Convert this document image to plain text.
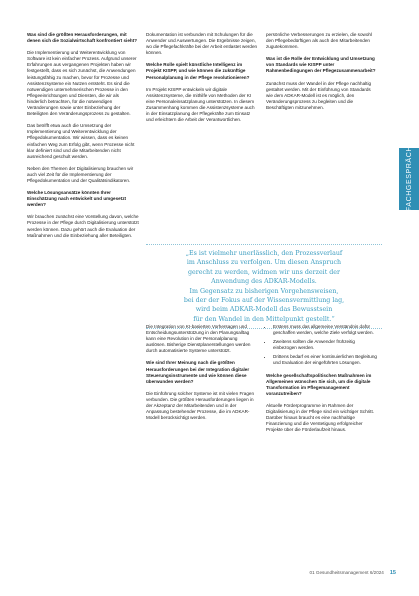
Was sind die größten Herausforderungen, mit denen sich die Sozialwirtschaft konfrontiert sieht?

Die Implementierung und Weiterentwicklung von Software ist kein einfacher Prozess. Aufgrund unserer Erfahrungen aus vergangenen Projekten haben wir festgestellt, dass es sich zunächst, die Anwendungen leistungsfähig zu machen, bevor für Prozesse und Assistenzsysteme ein Nutzen entsteht. Es sind die notwendigen unternehmerischen Prozesse in den Pflegeeinrichtungen und Diensten, die wir als hinderlich betrachten, für die notwendigen Veränderungen sowie unter Einbeziehung der Beteiligten den Veränderungsprozess zu gestalten.

Das betrifft etwa auch die Umsetzung der Implementierung und Weiterentwicklung der Pflegedokumentation. Wir wissen, dass es keinen einfachen Weg zum Erfolg gibt, wenn Prozesse nicht klar definiert sind und die Mitarbeitenden nicht ausreichend geschult werden.

Neben den Themen der Digitalisierung brauchen wir auch viel Zeit für die Implementierung der Pflegedokumentation und der Qualitätsindikatoren.

Welche Lösungsansätze könnten Ihrer Einschätzung nach entwickelt und umgesetzt werden?

Wir brauchen zunächst eine Vorstellung davon, welche Prozesse in der Pflege durch Digitalisierung unterstützt werden können. Dazu gehört auch die Evaluation der Maßnahmen und die Einbeziehung aller Beteiligten.

Dokumentation ist verbunden mit Schulungen für die Anwender und Auswertungen. Die Ergebnisse zeigen, wo die Pflegefachkräfte bei der Arbeit entlastet werden können.

Welche Rolle spielt künstliche Intelligenz im Projekt KISPP, und wie können die zukünftige Personalplanung in der Pflege revolutionieren?

Im Projekt KISPP entwickeln wir digitale Assistenzsysteme, die mithilfe von Methoden der KI eine Personaleinsatzplanung unterstützen. In diesem Zusammenhang kommen die Assistenzsysteme auch in der Einsatzplanung der Pflegekräfte zum Einsatz und erleichtern die Arbeit der Verantwortlichen.

persönliche Verbesserungen zu erzielen, die sowohl den Pflegebedürftigen als auch den Mitarbeitenden zugutekommen.

Was ist die Rolle der Entwicklung und Umsetzung von Standards wie KISPP unter Rahmenbedingungen der Pflegezusammenarbeit?

Zunächst muss der Wandel in der Pflege nachhaltig gestaltet werden. Mit der Einführung von Standards wie dem ADKAR-Modell ist es möglich, den Veränderungsprozess zu begleiten und die Beschäftigten mitzunehmen.

„Es ist vielmehr unerlässlich, den Prozessverlauf
im Anschluss zu verfolgen. Um diesen Anspruch
gerecht zu werden, widmen wir uns derzeit der
Anwendung des ADKAR-Modells.
Im Gegensatz zu bisherigen Vorgehensweisen,
bei der der Fokus auf der Wissensvermittlung lag,
wird beim ADKAR-Modell das Bewusstsein
für den Wandel in den Mittelpunkt gestellt.“

Die Integration von KI-basierten Vorhersagen und Entscheidungsunterstützung in den Planungsalltag kann eine Revolution in der Personalplanung auslösen. Bisherige Dienstplanerstellungen werden durch automatisierte Systeme unterstützt.

Wie sind Ihrer Meinung nach die größten Herausforderungen bei der Integration digitaler Steuerungsinstrumente und wie können diese überwunden werden?

Die Einführung solcher Systeme ist mit vielen Fragen verbunden. Die größten Herausforderungen liegen in der Akzeptanz der Mitarbeitenden und in der Anpassung bestehender Prozesse, die im ADKAR-Modell berücksichtigt werden.

• Erstens muss das allgemeine Verständnis dafür geschaffen werden, welche Ziele verfolgt werden.
• Zweitens sollten die Anwender frühzeitig einbezogen werden.
• Drittens bedarf es einer kontinuierlichen Begleitung und Evaluation der eingeführten Lösungen.

Welche gesellschaftspolitischen Maßnahmen im Allgemeinen wünschen Sie sich, um die digitale Transformation im Pflegemanagement voranzutreiben?

Aktuelle Förderprogramme im Rahmen der Digitalisierung in der Pflege sind ein wichtiger Schritt. Darüber hinaus braucht es eine nachhaltige Finanzierung und die Verstetigung erfolgreicher Projekte über die Förderlaufzeit hinaus.

FACHGESPRÄCH
01 Gesundheitsmanagement 6/2024 15
